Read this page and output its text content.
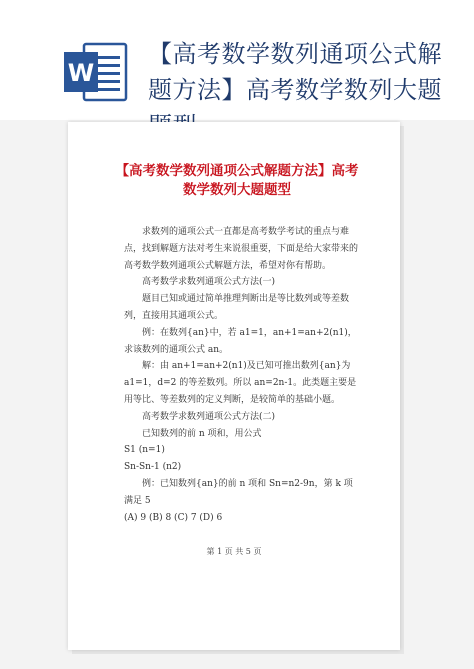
W
【高考数学数列通项公式解题方法】高考数学数列大题
【高考数学数列通项公式解题方法】高考数学数列大题题型

求数列的通项公式一直都是高考数学考试的重点与难点，找到解题方法对考生来说很重要，下面是给大家带来的高考数学数列通项公式解题方法，希望对你有帮助。

高考数学求数列通项公式方法(一)

题目已知或通过简单推理判断出是等比数列或等差数列，直接用其通项公式。

例：在数列{an}中，若 a1=1，an+1=an+2(n1)，求该数列的通项公式 an。

解：由 an+1=an+2(n1)及已知可推出数列{an}为 a1=1，d=2 的等差数列。所以 an=2n-1。此类题主要是用等比、等差数列的定义判断，是较简单的基础小题。

高考数学求数列通项公式方法(二)

已知数列的前 n 项和，用公式

S1 (n=1)

Sn-Sn-1 (n2)

例：已知数列{an}的前 n 项和 Sn=n2-9n，第 k 项满足 5

(A) 9 (B) 8 (C) 7 (D) 6

第 1 页 共 5 页
